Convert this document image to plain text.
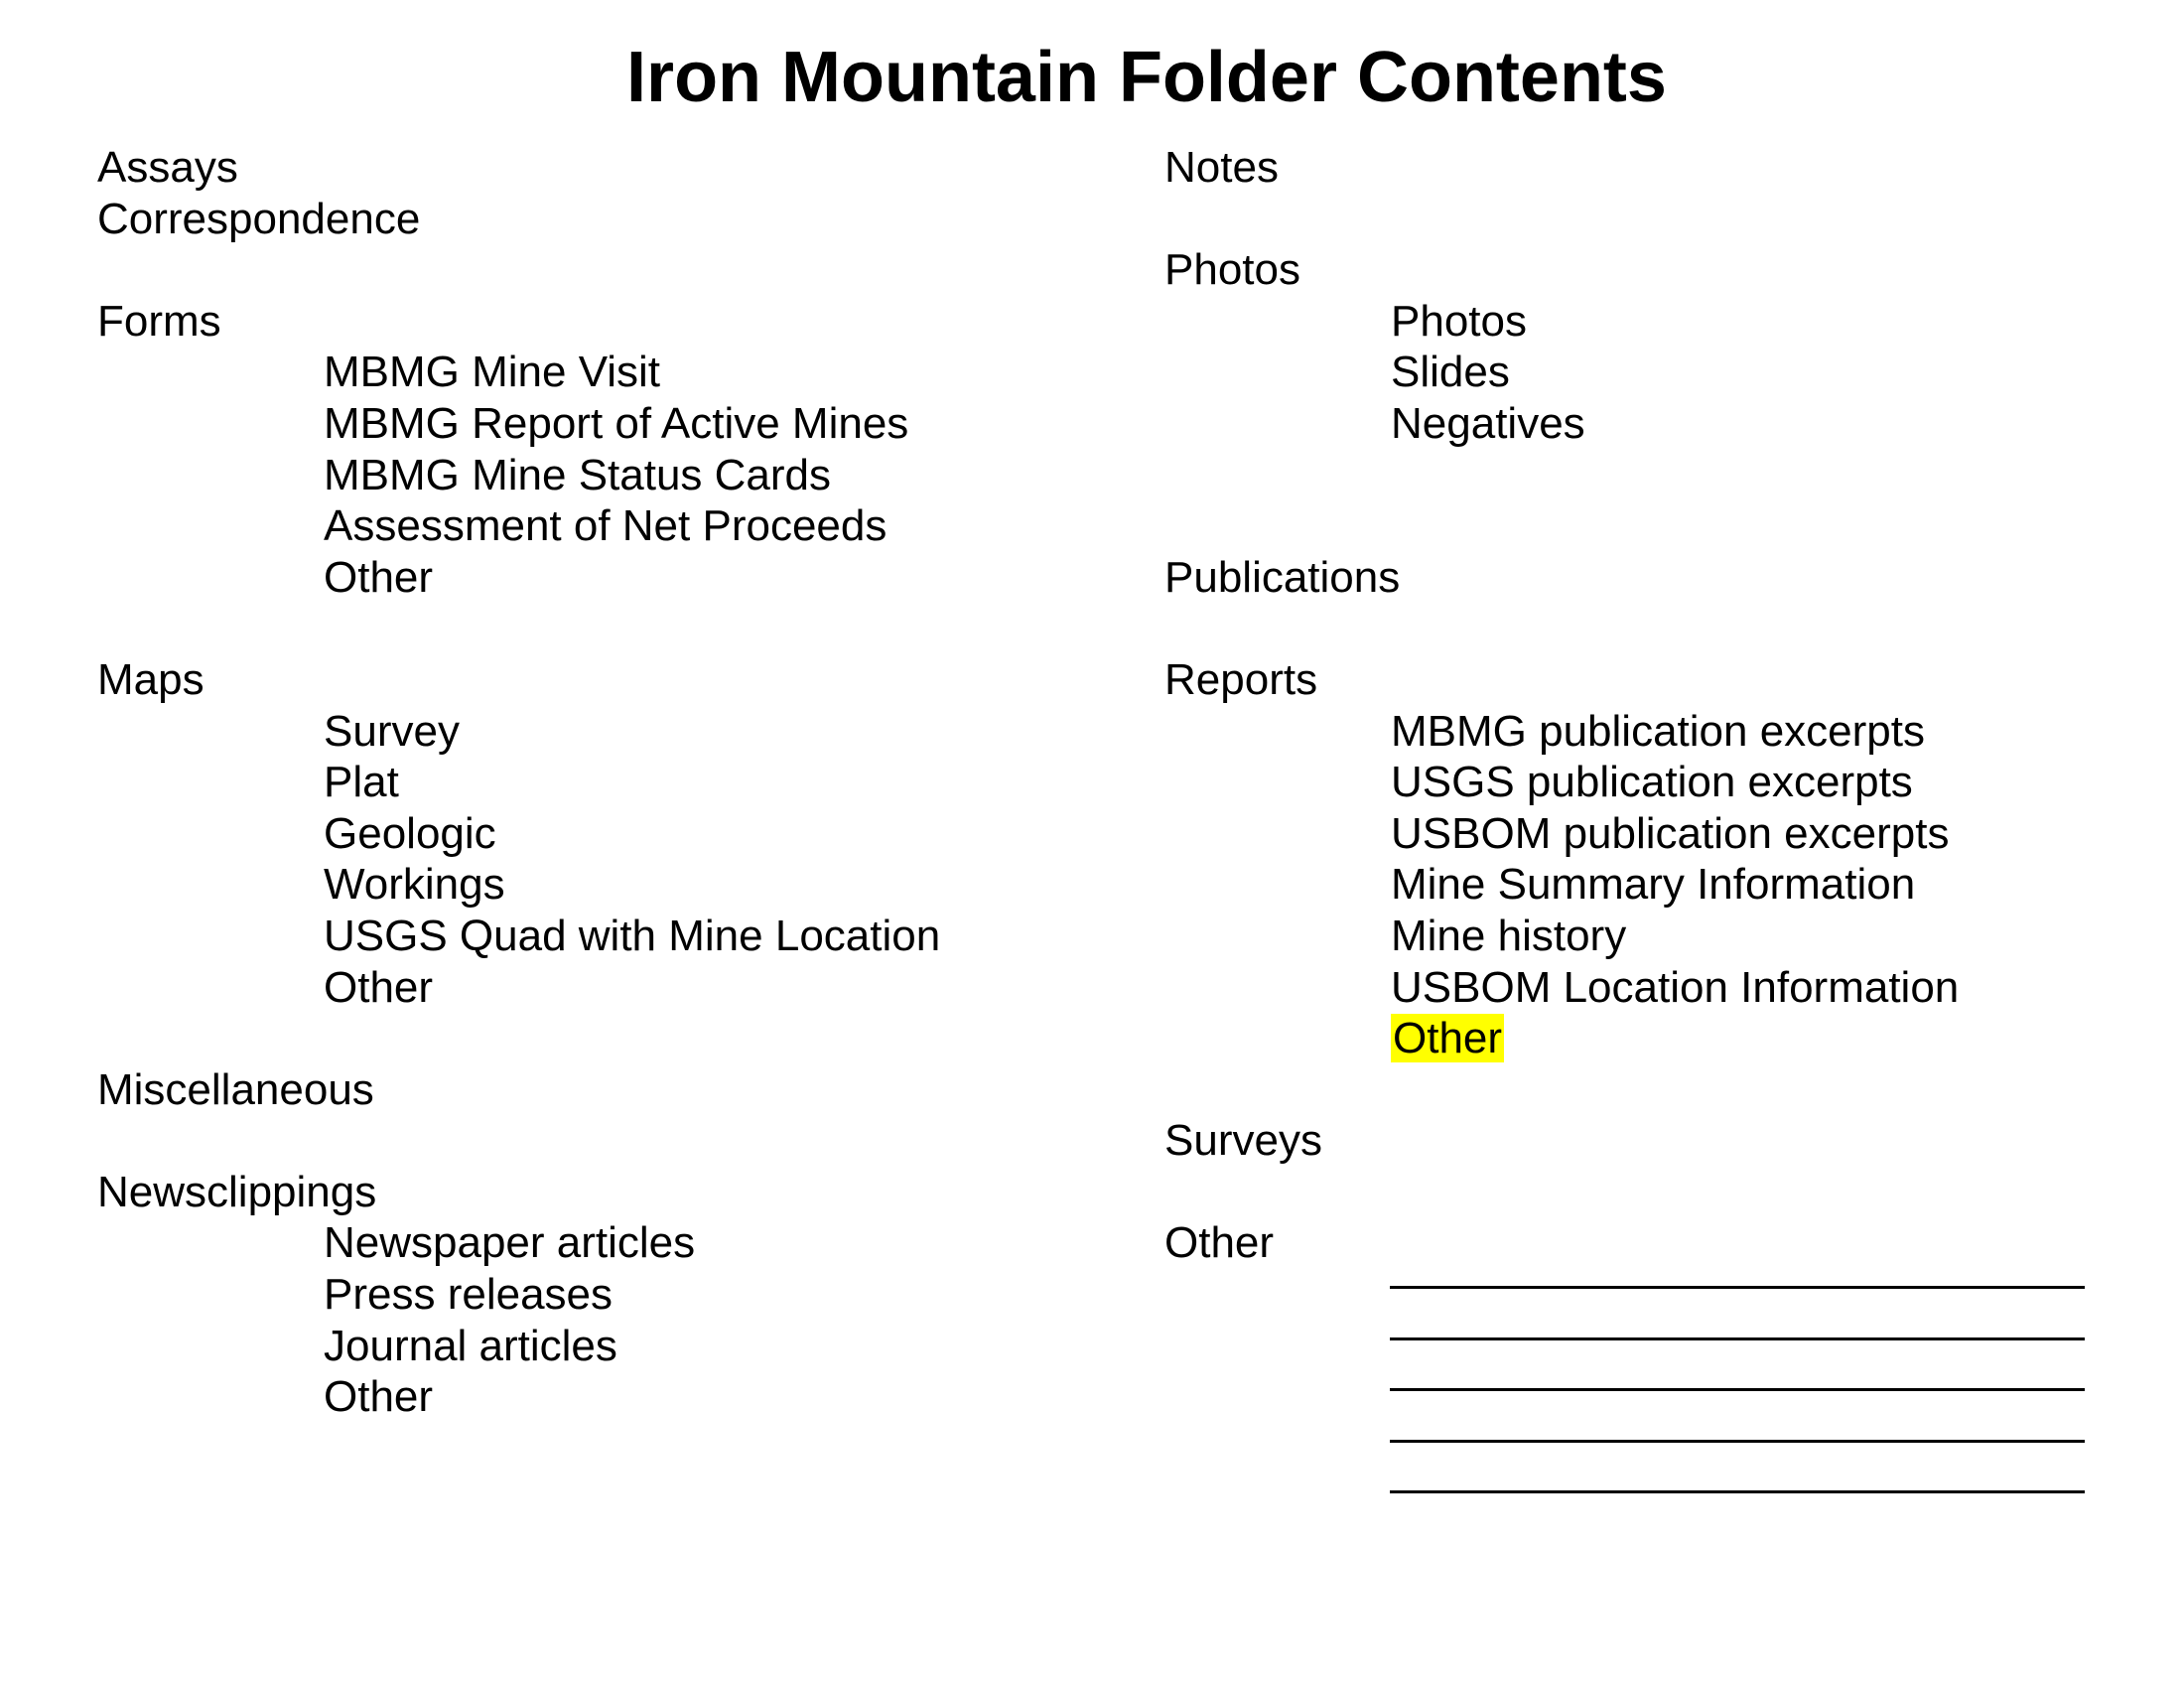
Iron Mountain Folder Contents
Assays
Correspondence
Forms
MBMG Mine Visit
MBMG Report of Active Mines
MBMG Mine Status Cards
Assessment of Net Proceeds
Other
Maps
Survey
Plat
Geologic
Workings
USGS Quad with Mine Location
Other
Miscellaneous
Newsclippings
Newspaper articles
Press releases
Journal articles
Other
Notes
Photos
Photos
Slides
Negatives
Publications
Reports
MBMG publication excerpts
USGS publication excerpts
USBOM publication excerpts
Mine Summary Information
Mine history
USBOM Location Information
Other
Surveys
Other
